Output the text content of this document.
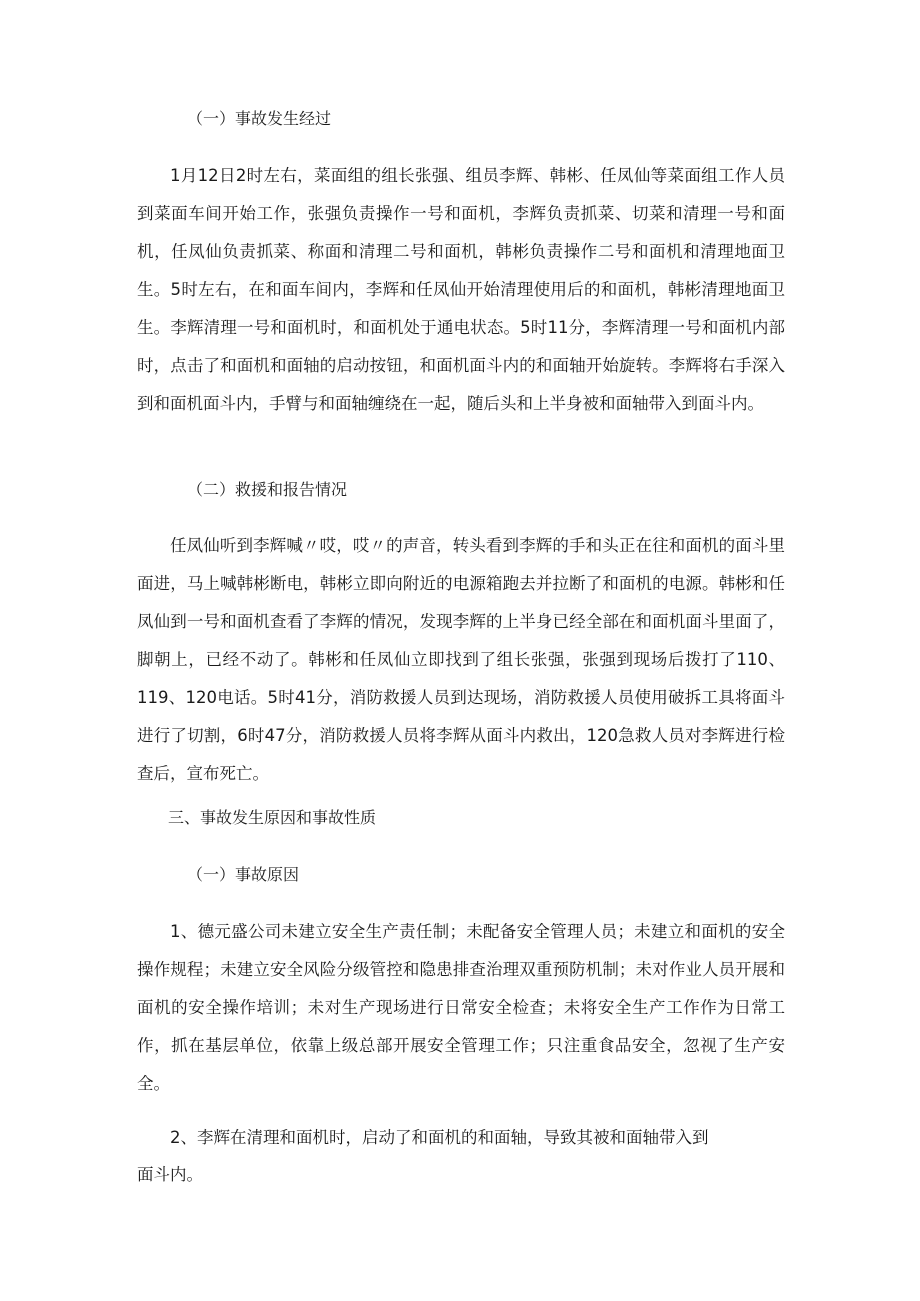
（一）事故发生经过

1月12日2时左右，菜面组的组长张强、组员李辉、韩彬、任凤仙等菜面组工作人员到菜面车间开始工作，张强负责操作一号和面机，李辉负责抓菜、切菜和清理一号和面机，任凤仙负责抓菜、称面和清理二号和面机，韩彬负责操作二号和面机和清理地面卫生。5时左右，在和面车间内，李辉和任凤仙开始清理使用后的和面机，韩彬清理地面卫生。李辉清理一号和面机时，和面机处于通电状态。5时11分，李辉清理一号和面机内部时，点击了和面机和面轴的启动按钮，和面机面斗内的和面轴开始旋转。李辉将右手深入到和面机面斗内，手臂与和面轴缠绕在一起，随后头和上半身被和面轴带入到面斗内。

（二）救援和报告情况

任凤仙听到李辉喊〃哎，哎〃的声音，转头看到李辉的手和头正在往和面机的面斗里面进，马上喊韩彬断电，韩彬立即向附近的电源箱跑去并拉断了和面机的电源。韩彬和任凤仙到一号和面机查看了李辉的情况，发现李辉的上半身已经全部在和面机面斗里面了，脚朝上，已经不动了。韩彬和任凤仙立即找到了组长张强，张强到现场后拨打了110、119、120电话。5时41分，消防救援人员到达现场，消防救援人员使用破拆工具将面斗进行了切割，6时47分，消防救援人员将李辉从面斗内救出，120急救人员对李辉进行检查后，宣布死亡。

三、事故发生原因和事故性质
（一）事故原因

1、德元盛公司未建立安全生产责任制；未配备安全管理人员；未建立和面机的安全操作规程；未建立安全风险分级管控和隐患排查治理双重预防机制；未对作业人员开展和面机的安全操作培训；未对生产现场进行日常安全检查；未将安全生产工作作为日常工作，抓在基层单位，依靠上级总部开展安全管理工作；只注重食品安全，忽视了生产安全。

2、李辉在清理和面机时，启动了和面机的和面轴，导致其被和面轴带入到
面斗内。
